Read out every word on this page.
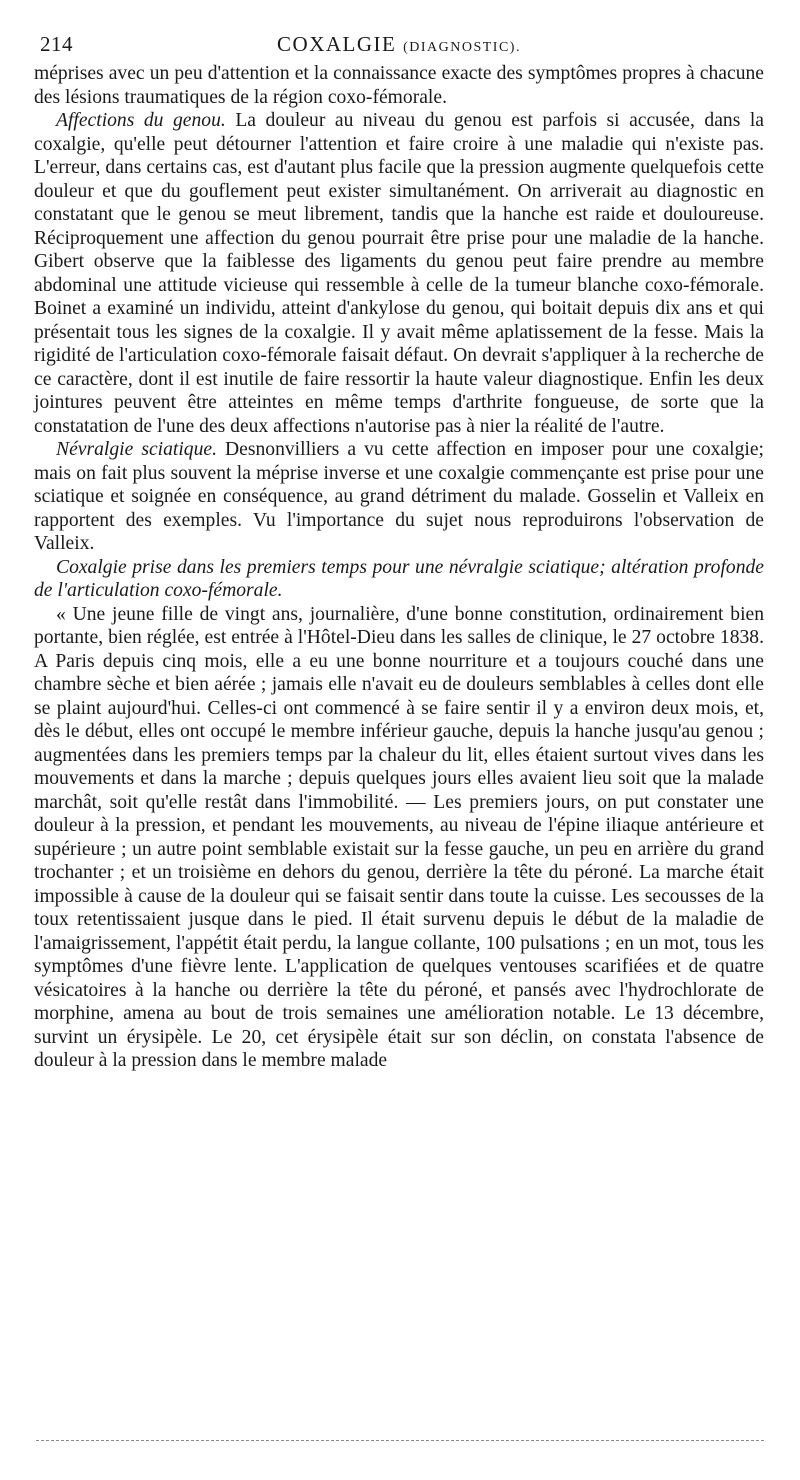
214	COXALGIE (DIAGNOSTIC).

méprises avec un peu d'attention et la connaissance exacte des symptômes propres à chacune des lésions traumatiques de la région coxo-fémorale.

Affections du genou. La douleur au niveau du genou est parfois si accusée, dans la coxalgie, qu'elle peut détourner l'attention et faire croire à une maladie qui n'existe pas. L'erreur, dans certains cas, est d'autant plus facile que la pression augmente quelquefois cette douleur et que du gouflement peut exister simultanément. On arriverait au diagnostic en constatant que le genou se meut librement, tandis que la hanche est raide et douloureuse. Réciproquement une affection du genou pourrait être prise pour une maladie de la hanche. Gibert observe que la faiblesse des ligaments du genou peut faire prendre au membre abdominal une attitude vicieuse qui ressemble à celle de la tumeur blanche coxo-fémorale. Boinet a examiné un individu, atteint d'ankylose du genou, qui boitait depuis dix ans et qui présentait tous les signes de la coxalgie. Il y avait même aplatissement de la fesse. Mais la rigidité de l'articulation coxo-fémorale faisait défaut. On devrait s'appliquer à la recherche de ce caractère, dont il est inutile de faire ressortir la haute valeur diagnostique. Enfin les deux jointures peuvent être atteintes en même temps d'arthrite fongueuse, de sorte que la constatation de l'une des deux affections n'autorise pas à nier la réalité de l'autre.

Névralgie sciatique. Desnonvilliers a vu cette affection en imposer pour une coxalgie; mais on fait plus souvent la méprise inverse et une coxalgie commençante est prise pour une sciatique et soignée en conséquence, au grand détriment du malade. Gosselin et Valleix en rapportent des exemples. Vu l'importance du sujet nous reproduirons l'observation de Valleix.

Coxalgie prise dans les premiers temps pour une névralgie sciatique; altération profonde de l'articulation coxo-fémorale.

« Une jeune fille de vingt ans, journalière, d'une bonne constitution, ordinairement bien portante, bien réglée, est entrée à l'Hôtel-Dieu dans les salles de clinique, le 27 octobre 1838. A Paris depuis cinq mois, elle a eu une bonne nourriture et a toujours couché dans une chambre sèche et bien aérée ; jamais elle n'avait eu de douleurs semblables à celles dont elle se plaint aujourd'hui. Celles-ci ont commencé à se faire sentir il y a environ deux mois, et, dès le début, elles ont occupé le membre inférieur gauche, depuis la hanche jusqu'au genou ; augmentées dans les premiers temps par la chaleur du lit, elles étaient surtout vives dans les mouvements et dans la marche ; depuis quelques jours elles avaient lieu soit que la malade marchât, soit qu'elle restât dans l'immobilité. — Les premiers jours, on put constater une douleur à la pression, et pendant les mouvements, au niveau de l'épine iliaque antérieure et supérieure ; un autre point semblable existait sur la fesse gauche, un peu en arrière du grand trochanter ; et un troisième en dehors du genou, derrière la tête du péroné. La marche était impossible à cause de la douleur qui se faisait sentir dans toute la cuisse. Les secousses de la toux retentissaient jusque dans le pied. Il était survenu depuis le début de la maladie de l'amaigrissement, l'appétit était perdu, la langue collante, 100 pulsations ; en un mot, tous les symptômes d'une fièvre lente. L'application de quelques ventouses scarifiées et de quatre vésicatoires à la hanche ou derrière la tête du péroné, et pansés avec l'hydrochlorate de morphine, amena au bout de trois semaines une amélioration notable. Le 13 décembre, survint un érysipèle. Le 20, cet érysipèle était sur son déclin, on constata l'absence de douleur à la pression dans le membre malade
